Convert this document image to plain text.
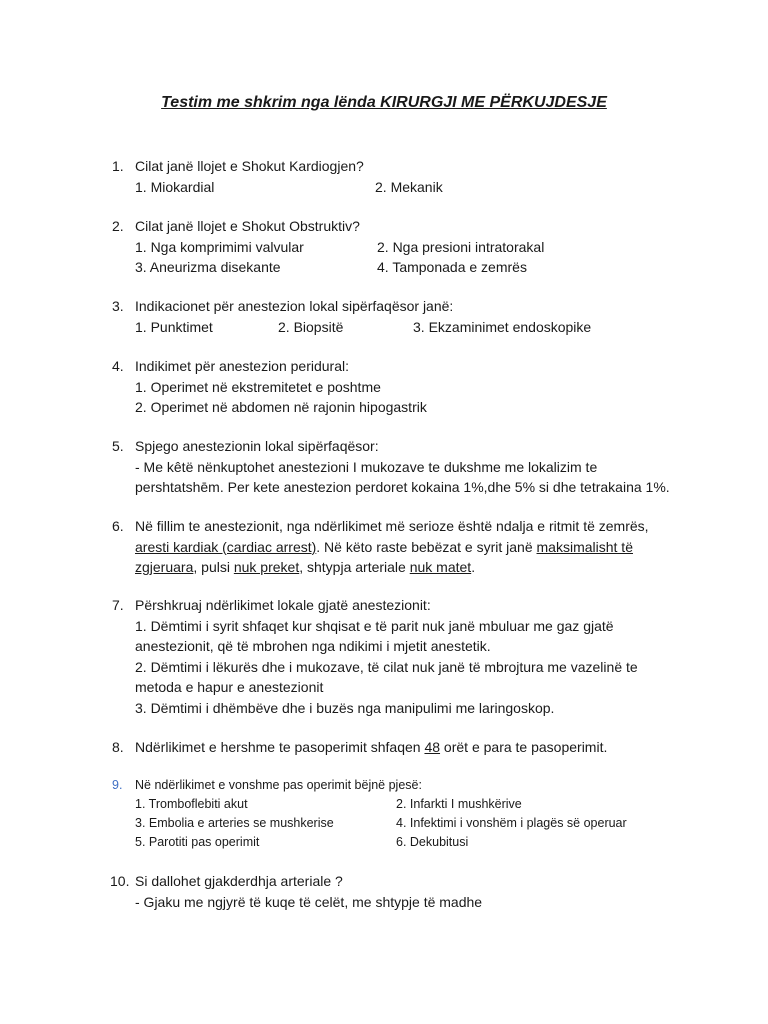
Testim me shkrim nga lënda KIRURGJI ME PËRKUJDESJE
1. Cilat janë llojet e Shokut Kardiogjen?
1. Miokardial	2. Mekanik
2. Cilat janë llojet e Shokut Obstruktiv?
1. Nga komprimimi valvular	2. Nga presioni intratorakal
3. Aneurizma disekante	4. Tamponada e zemrës
3. Indikacionet për anestezion lokal sipërfaqësor janë:
1. Punktimet	2. Biopsitë	3. Ekzaminimet endoskopike
4. Indikimet për anestezion peridural:
1. Operimet në ekstremitetet e poshtme
2. Operimet në abdomen në rajonin hipogastrik
5. Spjego anestezionin lokal sipërfaqësor:
- Me kêtë nënkuptohet anestezioni I mukozave te dukshme me lokalizim te
pershtatshēm. Per kete anestezion perdoret kokaina 1%,dhe 5% si dhe tetrakaina 1%.
6. Në fillim te anestezionit, nga ndërlikimet më serioze është ndalja e ritmit të zemrës,
aresti kardiak (cardiac arrest). Në këto raste bebëzat e syrit janë maksimalisht të
zgjeruara, pulsi nuk preket, shtypja arteriale nuk matet.
7. Përshkruaj ndërlikimet lokale gjatë anestezionit:
1. Dëmtimi i syrit shfaqet kur shqisat e të parit nuk janë mbuluar me gaz gjatë
anestezionit, që të mbrohen nga ndikimi i mjetit anestetik.
2. Dëmtimi i lëkurës dhe i mukozave, të cilat nuk janë të mbrojtura me vazelinë te
metoda e hapur e anestezionit
3. Dëmtimi i dhëmbëve dhe i buzës nga manipulimi me laringoskop.
8. Ndërlikimet e hershme te pasoperimit shfaqen 48 orët e para te pasoperimit.
9. Në ndërlikimet e vonshme pas operimit bëjnë pjesë:
1. Tromboflebiti akut	2. Infarkti I mushkërive
3. Embolia e arteries se mushkerise	4. Infektimi i vonshëm i plagës së operuar
5. Parotiti pas operimit	6. Dekubitusi
10. Si dallohet gjakderdhja arteriale ?
- Gjaku me ngjyrë të kuqe të celët, me shtypje të madhe
